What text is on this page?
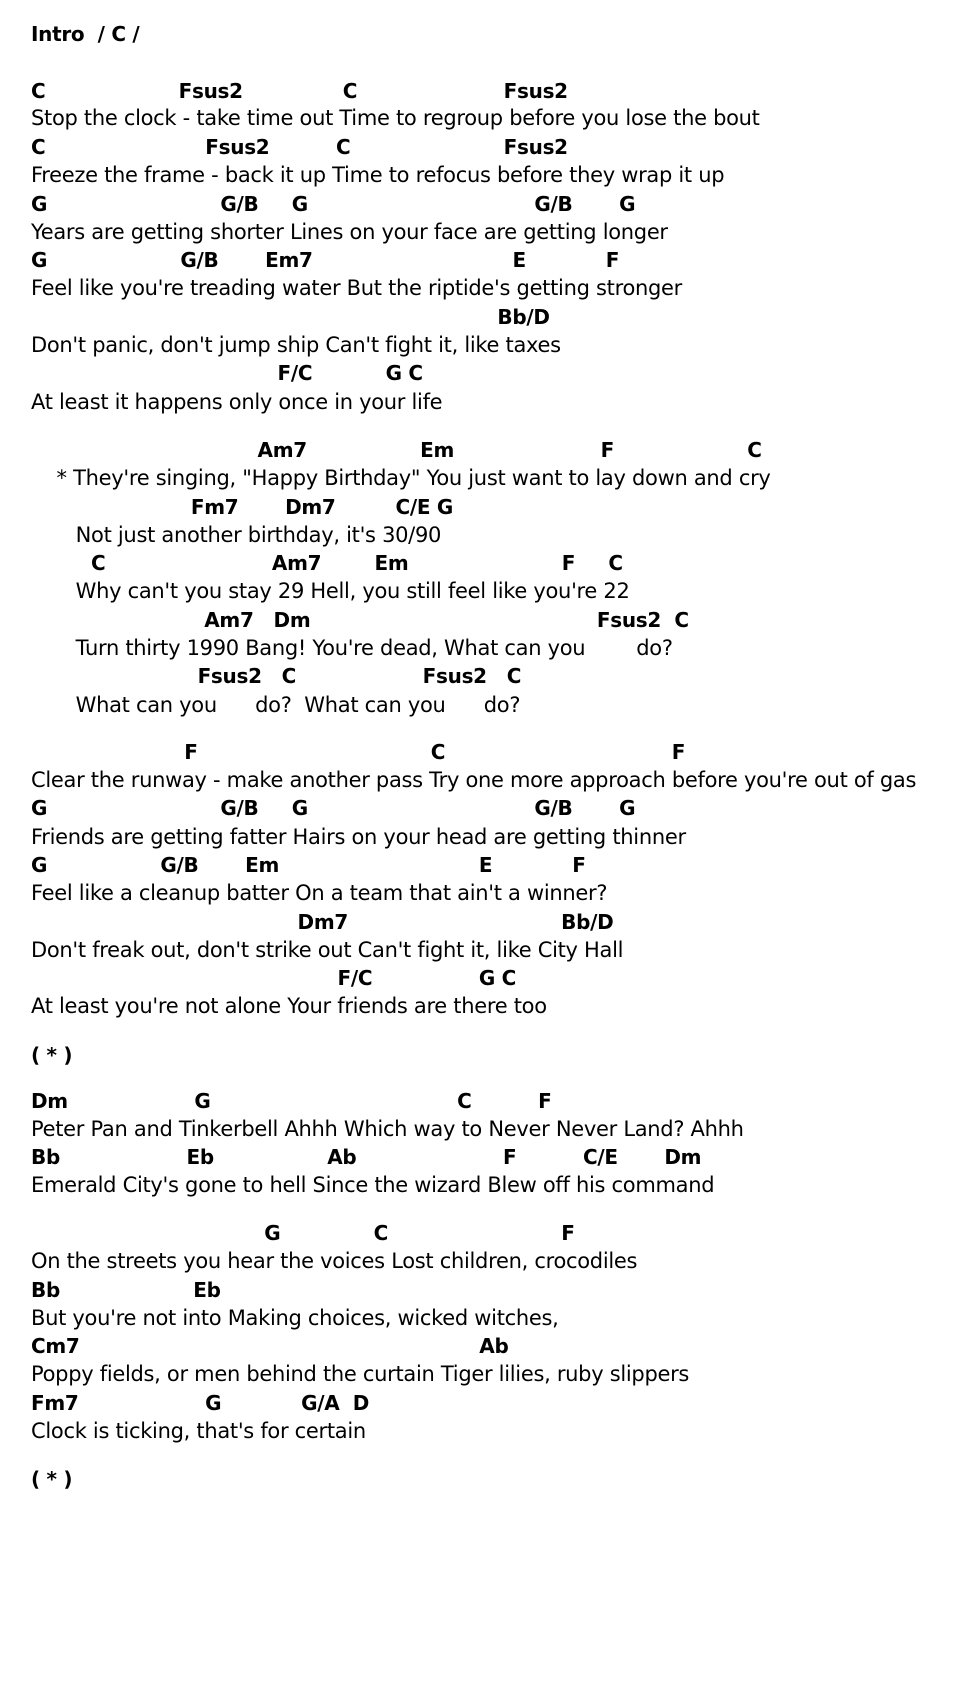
Intro  / C /
C                    Fsus2               C                      Fsus2
Stop the clock - take time out Time to regroup before you lose the bout
C                        Fsus2          C                       Fsus2
Freeze the frame - back it up Time to refocus before they wrap it up
G                          G/B     G                                  G/B       G
Years are getting shorter Lines on your face are getting longer
G                    G/B       Em7                              E            F
Feel like you're treading water But the riptide's getting stronger
Bb/D
Don't panic, don't jump ship Can't fight it, like taxes
F/C           G C
At least it happens only once in your life
Am7                 Em                      F                    C
* They're singing, "Happy Birthday" You just want to lay down and cry
Fm7       Dm7         C/E G
Not just another birthday, it's 30/90
C                         Am7        Em                       F     C
Why can't you stay 29 Hell, you still feel like you're 22
Am7   Dm                                           Fsus2  C
Turn thirty 1990 Bang! You're dead, What can you        do?
Fsus2   C                   Fsus2   C
What can you      do?  What can you      do?
F                                   C                                  F
Clear the runway - make another pass Try one more approach before you're out of gas
G                          G/B     G                                  G/B       G
Friends are getting fatter Hairs on your head are getting thinner
G                 G/B       Em                              E            F
Feel like a cleanup batter On a team that ain't a winner?
Dm7                                Bb/D
Don't freak out, don't strike out Can't fight it, like City Hall
F/C                G C
At least you're not alone Your friends are there too
( * )
Dm                   G                                     C          F
Peter Pan and Tinkerbell Ahhh Which way to Never Never Land? Ahhh
Bb                   Eb                 Ab                      F          C/E       Dm
Emerald City's gone to hell Since the wizard Blew off his command
G              C                          F
On the streets you hear the voices Lost children, crocodiles
Bb                    Eb
But you're not into Making choices, wicked witches,
Cm7                                                            Ab
Poppy fields, or men behind the curtain Tiger lilies, ruby slippers
Fm7                   G            G/A  D
Clock is ticking, that's for certain
( * )
